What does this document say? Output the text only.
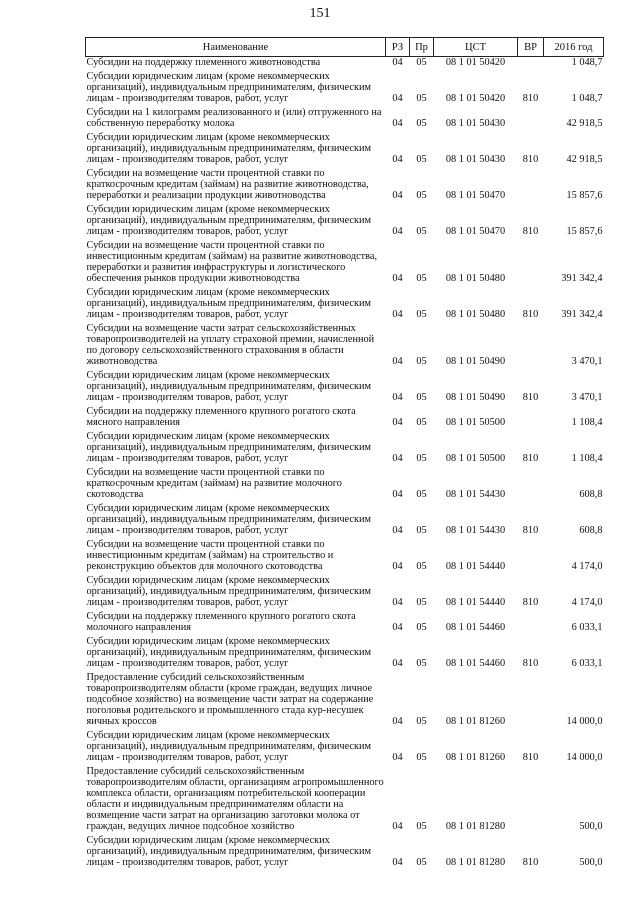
151
Наименование	РЗ	Пр	ЦСТ	ВР	2016 год
Субсидии на поддержку племенного животноводства	04	05	08 1 01 50420		1 048,7
Субсидии юридическим лицам (кроме некоммерческих организаций), индивидуальным предпринимателям, физическим лицам - производителям товаров, работ, услуг	04	05	08 1 01 50420	810	1 048,7
Субсидии на 1 килограмм реализованного и (или) отгруженного на собственную переработку молока	04	05	08 1 01 50430		42 918,5
Субсидии юридическим лицам (кроме некоммерческих организаций), индивидуальным предпринимателям, физическим лицам - производителям товаров, работ, услуг	04	05	08 1 01 50430	810	42 918,5
Субсидии на возмещение части процентной ставки по краткосрочным кредитам (займам) на развитие животноводства, переработки и реализации продукции животноводства	04	05	08 1 01 50470		15 857,6
Субсидии юридическим лицам (кроме некоммерческих организаций), индивидуальным предпринимателям, физическим лицам - производителям товаров, работ, услуг	04	05	08 1 01 50470	810	15 857,6
Субсидии на возмещение части процентной ставки по инвестиционным кредитам (займам) на развитие животноводства, переработки и развития инфраструктуры и логистического обеспечения рынков продукции животноводства	04	05	08 1 01 50480		391 342,4
Субсидии юридическим лицам (кроме некоммерческих организаций), индивидуальным предпринимателям, физическим лицам - производителям товаров, работ, услуг	04	05	08 1 01 50480	810	391 342,4
Субсидии на возмещение части затрат сельскохозяйственных товаропроизводителей на уплату страховой премии, начисленной по договору сельскохозяйственного страхования в области животноводства	04	05	08 1 01 50490		3 470,1
Субсидии юридическим лицам (кроме некоммерческих организаций), индивидуальным предпринимателям, физическим лицам - производителям товаров, работ, услуг	04	05	08 1 01 50490	810	3 470,1
Субсидии на поддержку племенного крупного рогатого скота мясного направления	04	05	08 1 01 50500		1 108,4
Субсидии юридическим лицам (кроме некоммерческих организаций), индивидуальным предпринимателям, физическим лицам - производителям товаров, работ, услуг	04	05	08 1 01 50500	810	1 108,4
Субсидии на возмещение части процентной ставки по краткосрочным кредитам (займам) на развитие молочного скотоводства	04	05	08 1 01 54430		608,8
Субсидии юридическим лицам (кроме некоммерческих организаций), индивидуальным предпринимателям, физическим лицам - производителям товаров, работ, услуг	04	05	08 1 01 54430	810	608,8
Субсидии на возмещение части процентной ставки по инвестиционным кредитам (займам) на строительство и реконструкцию объектов для молочного скотоводства	04	05	08 1 01 54440		4 174,0
Субсидии юридическим лицам (кроме некоммерческих организаций), индивидуальным предпринимателям, физическим лицам - производителям товаров, работ, услуг	04	05	08 1 01 54440	810	4 174,0
Субсидии на поддержку племенного крупного рогатого скота молочного направления	04	05	08 1 01 54460		6 033,1
Субсидии юридическим лицам (кроме некоммерческих организаций), индивидуальным предпринимателям, физическим лицам - производителям товаров, работ, услуг	04	05	08 1 01 54460	810	6 033,1
Предоставление субсидий сельскохозяйственным товаропроизводителям области (кроме граждан, ведущих личное подсобное хозяйство) на возмещение части затрат на содержание поголовья родительского и промышленного стада кур-несушек яичных кроссов	04	05	08 1 01 81260		14 000,0
Субсидии юридическим лицам (кроме некоммерческих организаций), индивидуальным предпринимателям, физическим лицам - производителям товаров, работ, услуг	04	05	08 1 01 81260	810	14 000,0
Предоставление субсидий сельскохозяйственным товаропроизводителям области, организациям агропромышленного комплекса области, организациям потребительской кооперации области и индивидуальным предпринимателям области на возмещение части затрат на организацию заготовки молока от граждан, ведущих личное подсобное хозяйство	04	05	08 1 01 81280		500,0
Субсидии юридическим лицам (кроме некоммерческих организаций), индивидуальным предпринимателям, физическим лицам - производителям товаров, работ, услуг	04	05	08 1 01 81280	810	500,0
